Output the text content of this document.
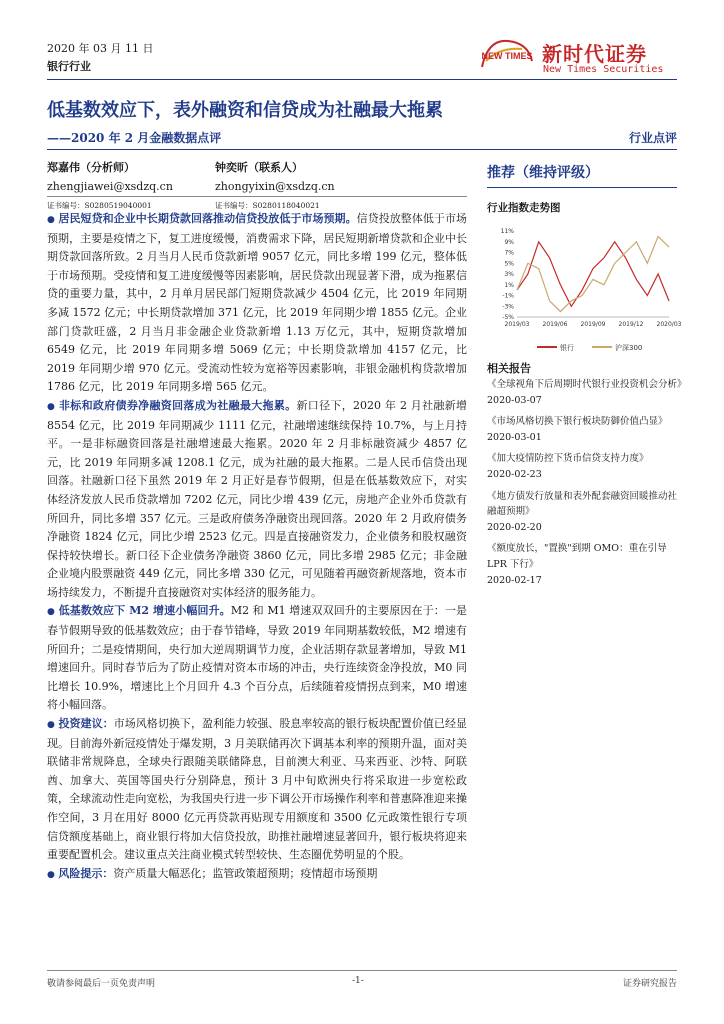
2020 年 03 月 11 日
银行行业
NEW TIMES 新时代证券
New Times Securities
低基数效应下，表外融资和信贷成为社融最大拖累
——2020 年 2 月金融数据点评	行业点评
郑嘉伟（分析师）
zhengjiawei@xsdzq.cn
证书编号：S0280519040001
钟奕昕（联系人）
zhongyixin@xsdzq.cn
证书编号：S0280118040021

● 居民短贷和企业中长期贷款回落推动信贷投放低于市场预期。信贷投放整体低于市场预期，主要是疫情之下，复工进度缓慢，消费需求下降，居民短期新增贷款和企业中长期贷款回落所致。2 月当月人民币贷款新增 9057 亿元，同比多增 199 亿元，整体低于市场预期。受疫情和复工进度缓慢等因素影响，居民贷款出现显著下滑，成为拖累信贷的重要力量，其中，2 月单月居民部门短期贷款减少 4504 亿元，比 2019 年同期多减 1572 亿元；中长期贷款增加 371 亿元，比 2019 年同期少增 1855 亿元。企业部门贷款旺盛，2 月当月非金融企业贷款新增 1.13 万亿元，其中，短期贷款增加 6549 亿元，比 2019 年同期多增 5069 亿元；中长期贷款增加 4157 亿元，比 2019 年同期少增 970 亿元。受流动性较为宽裕等因素影响，非银金融机构贷款增加 1786 亿元，比 2019 年同期多增 565 亿元。

● 非标和政府债券净融资回落成为社融最大拖累。新口径下，2020 年 2 月社融新增 8554 亿元，比 2019 年同期减少 1111 亿元，社融增速继续保持 10.7%，与上月持平。一是非标融资回落是社融增速最大拖累。2020 年 2 月非标融资减少 4857 亿元，比 2019 年同期多减 1208.1 亿元，成为社融的最大拖累。二是人民币信贷出现回落。社融新口径下虽然 2019 年 2 月正好是春节假期，但是在低基数效应下，对实体经济发放人民币贷款增加 7202 亿元，同比少增 439 亿元，房地产企业外币贷款有所回升，同比多增 357 亿元。三是政府债务净融资出现回落。2020 年 2 月政府债务净融资 1824 亿元，同比少增 2523 亿元。四是直接融资发力，企业债务和股权融资保持较快增长。新口径下企业债务净融资 3860 亿元，同比多增 2985 亿元；非金融企业境内股票融资 449 亿元，同比多增 330 亿元，可见随着再融资新规落地，资本市场持续发力，不断提升直接融资对实体经济的服务能力。

● 低基数效应下 M2 增速小幅回升。M2 和 M1 增速双双回升的主要原因在于：一是春节假期导致的低基数效应；由于春节错峰，导致 2019 年同期基数较低，M2 增速有所回升；二是疫情期间，央行加大逆周期调节力度，企业活期存款显著增加，导致 M1 增速回升。同时春节后为了防止疫情对资本市场的冲击，央行连续资金净投放，M0 同比增长 10.9%，增速比上个月回升 4.3 个百分点，后续随着疫情拐点到来，M0 增速将小幅回落。

● 投资建议：市场风格切换下，盈利能力较强、股息率较高的银行板块配置价值已经显现。目前海外新冠疫情处于爆发期，3 月美联储再次下调基本利率的预期升温，面对美联储非常规降息，全球央行跟随美联储降息，目前澳大利亚、马来西亚、沙特、阿联酋、加拿大、英国等国央行分别降息，预计 3 月中旬欧洲央行将采取进一步宽松政策，全球流动性走向宽松，为我国央行进一步下调公开市场操作利率和普惠降准迎来操作空间，3 月在用好 8000 亿元再贷款再贴现专用额度和 3500 亿元政策性银行专项信贷额度基础上，商业银行将加大信贷投放，助推社融增速显著回升，银行板块将迎来重要配置机会。建议重点关注商业模式转型较快、生态圈优势明显的个股。

● 风险提示：资产质量大幅恶化；监管政策超预期；疫情超市场预期

推荐（维持评级）
行业指数走势图
11%
9%
7%
5%
3%
1%
-1%
-3%
-5%
2019/03 2019/06 2019/09 2019/12 2020/03
银行	沪深300
相关报告
《全球视角下后周期时代银行业投资机会分析》
2020-03-07
《市场风格切换下银行板块防御价值凸显》
2020-03-01
《加大疫情防控下货币信贷支持力度》
2020-02-23
《地方债发行放量和表外配套融资回暖推动社融超预期》
2020-02-20
《额度放长，"置换"到期 OMO：重在引导 LPR 下行》
2020-02-17
敬请参阅最后一页免责声明	-1-	证券研究报告
